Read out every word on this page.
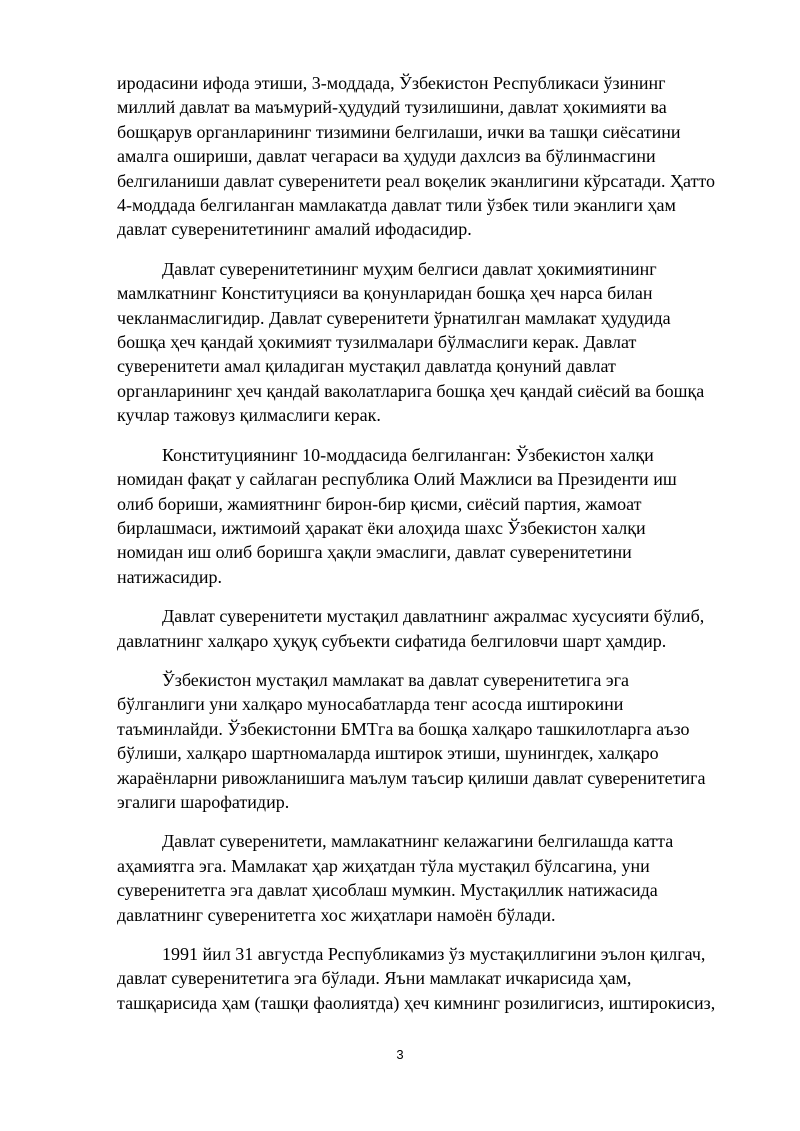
иродасини ифода этиши, 3-моддада, Ўзбекистон Республикаси ўзининг
миллий давлат ва маъмурий-ҳудудий тузилишини, давлат ҳокимияти ва
бошқарув органларининг тизимини белгилаши, ички ва ташқи сиёсатини
амалга ошириши, давлат чегараси ва ҳудуди дахлсиз ва бўлинмасгини
белгиланиши давлат суверенитети реал воқелик эканлигини кўрсатади. Ҳатто
4-моддада белгиланган мамлакатда давлат тили ўзбек тили эканлиги ҳам
давлат суверенитетининг амалий ифодасидир.

Давлат суверенитетининг муҳим белгиси давлат ҳокимиятининг
мамлкатнинг Конституцияси ва қонунларидан бошқа ҳеч нарса билан
чекланмаслигидир. Давлат суверенитети ўрнатилган мамлакат ҳудудида
бошқа ҳеч қандай ҳокимият тузилмалари бўлмаслиги керак. Давлат
суверенитети амал қиладиган мустақил давлатда қонуний давлат
органларининг ҳеч қандай ваколатларига бошқа ҳеч қандай сиёсий ва бошқа
кучлар тажовуз қилмаслиги керак.

Конституциянинг 10-моддасида белгиланган: Ўзбекистон халқи
номидан фақат у сайлаган республика Олий Мажлиси ва Президенти иш
олиб бориши, жамиятнинг бирон-бир қисми, сиёсий партия, жамоат
бирлашмаси, ижтимоий ҳаракат ёки алоҳида шахс Ўзбекистон халқи
номидан иш олиб боришга ҳақли эмаслиги, давлат суверенитетини
натижасидир.

Давлат суверенитети мустақил давлатнинг ажралмас хусусияти бўлиб,
давлатнинг халқаро ҳуқуқ субъекти сифатида белгиловчи шарт ҳамдир.

Ўзбекистон мустақил мамлакат ва давлат суверенитетига эга
бўлганлиги уни халқаро муносабатларда тенг асосда иштирокини
таъминлайди. Ўзбекистонни БМТга ва бошқа халқаро ташкилотларга аъзо
бўлиши, халқаро шартномаларда иштирок этиши, шунингдек, халқаро
жараёнларни ривожланишига маълум таъсир қилиши давлат суверенитетига
эгалиги шарофатидир.

Давлат суверенитети, мамлакатнинг келажагини белгилашда катта
аҳамиятга эга. Мамлакат ҳар жиҳатдан тўла мустақил бўлсагина, уни
суверенитетга эга давлат ҳисоблаш мумкин. Мустақиллик натижасида
давлатнинг суверенитетга хос жиҳатлари намоён бўлади.

1991 йил 31 августда Республикамиз ўз мустақиллигини эълон қилгач,
давлат суверенитетига эга бўлади. Яъни мамлакат ичкарисида ҳам,
ташқарисида ҳам (ташқи фаолиятда) ҳеч кимнинг розилигисиз, иштирокисиз,

3
